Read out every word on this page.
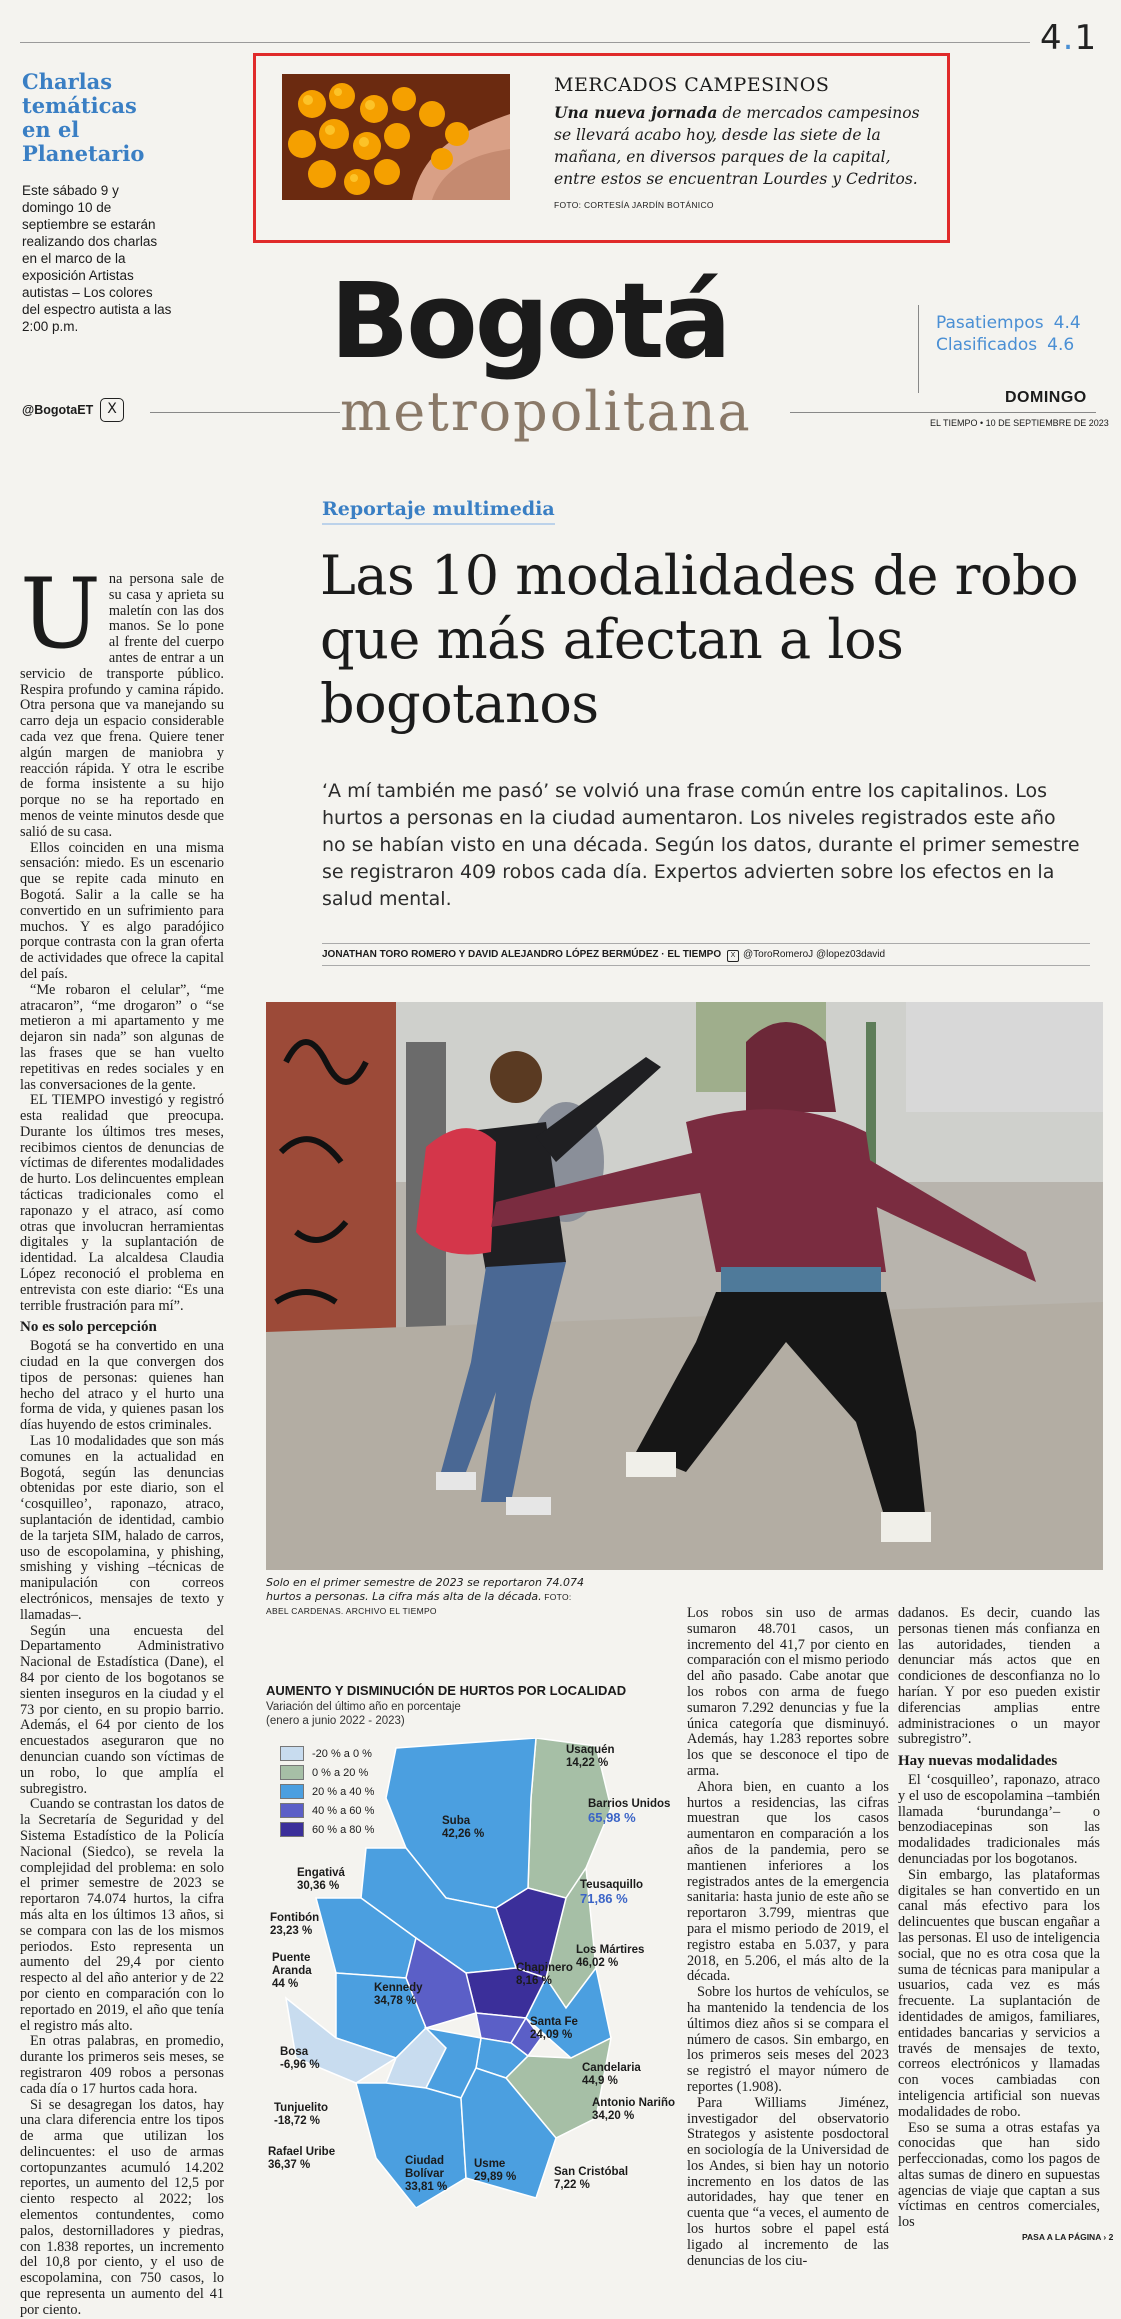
4.1
Charlas temáticas en el Planetario

Este sábado 9 y domingo 10 de septiembre se estarán realizando dos charlas en el marco de la exposición Artistas autistas – Los colores del espectro autista a las 2:00 p.m.

MERCADOS CAMPESINOS
Una nueva jornada de mercados campesinos se llevará acabo hoy, desde las siete de la mañana, en diversos parques de la capital, entre estos se encuentran Lourdes y Cedritos. FOTO: CORTESÍA JARDÍN BOTÁNICO
Bogotá
metropolitana
Pasatiempos 4.4
Clasificados 4.6
@BogotaET X
DOMINGO
EL TIEMPO • 10 DE SEPTIEMBRE DE 2023
Reportaje multimedia
Las 10 modalidades de robo que más afectan a los bogotanos

‘A mí también me pasó’ se volvió una frase común entre los capitalinos. Los hurtos a personas en la ciudad aumentaron. Los niveles registrados este año no se habían visto en una década. Según los datos, durante el primer semestre se registraron 409 robos cada día. Expertos advierten sobre los efectos en la salud mental.

JONATHAN TORO ROMERO Y DAVID ALEJANDRO LÓPEZ BERMÚDEZ · EL TIEMPO	X @ToroRomeroJ @lopez03david
Solo en el primer semestre de 2023 se reportaron 74.074 hurtos a personas. La cifra más alta de la década. FOTO: ABEL CARDENAS. ARCHIVO EL TIEMPO
U na persona sale de su casa y aprieta su maletín con las dos manos. Se lo pone al frente del cuerpo antes de entrar a un servicio de transporte público. Respira profundo y camina rápido. Otra persona que va manejando su carro deja un espacio considerable cada vez que frena. Quiere tener algún margen de maniobra y reacción rápida. Y otra le escribe de forma insistente a su hijo porque no se ha reportado en menos de veinte minutos desde que salió de su casa.

Ellos coinciden en una misma sensación: miedo. Es un escenario que se repite cada minuto en Bogotá. Salir a la calle se ha convertido en un sufrimiento para muchos. Y es algo paradójico porque contrasta con la gran oferta de actividades que ofrece la capital del país.

“Me robaron el celular”, “me atracaron”, “me drogaron” o “se metieron a mi apartamento y me dejaron sin nada” son algunas de las frases que se han vuelto repetitivas en redes sociales y en las conversaciones de la gente.

EL TIEMPO investigó y registró esta realidad que preocupa. Durante los últimos tres meses, recibimos cientos de denuncias de víctimas de diferentes modalidades de hurto. Los delincuentes emplean tácticas tradicionales como el raponazo y el atraco, así como otras que involucran herramientas digitales y la suplantación de identidad. La alcaldesa Claudia López reconoció el problema en entrevista con este diario: “Es una terrible frustración para mí”.

No es solo percepción

Bogotá se ha convertido en una ciudad en la que convergen dos tipos de personas: quienes han hecho del atraco y el hurto una forma de vida, y quienes pasan los días huyendo de estos criminales.

Las 10 modalidades que son más comunes en la actualidad en Bogotá, según las denuncias obtenidas por este diario, son el ‘cosquilleo’, raponazo, atraco, suplantación de identidad, cambio de la tarjeta SIM, halado de carros, uso de escopolamina, y phishing, smishing y vishing –técnicas de manipulación con correos electrónicos, mensajes de texto y llamadas–.

Según una encuesta del Departamento Administrativo Nacional de Estadística (Dane), el 84 por ciento de los bogotanos se sienten inseguros en la ciudad y el 73 por ciento, en su propio barrio. Además, el 64 por ciento de los encuestados aseguraron que no denuncian cuando son víctimas de un robo, lo que amplía el subregistro.

Cuando se contrastan los datos de la Secretaría de Seguridad y del Sistema Estadístico de la Policía Nacional (Siedco), se revela la complejidad del problema: en solo el primer semestre de 2023 se reportaron 74.074 hurtos, la cifra más alta en los últimos 13 años, si se compara con las de los mismos periodos. Esto representa un aumento del 29,4 por ciento respecto al del año anterior y de 22 por ciento en comparación con lo reportado en 2019, el año que tenía el registro más alto.

En otras palabras, en promedio, durante los primeros seis meses, se registraron 409 robos a personas cada día o 17 hurtos cada hora.

Si se desagregan los datos, hay una clara diferencia entre los tipos de arma que utilizan los delincuentes: el uso de armas cortopunzantes acumuló 14.202 reportes, un aumento del 12,5 por ciento respecto al 2022; los elementos contundentes, como palos, destornilladores y piedras, con 1.838 reportes, un incremento del 10,8 por ciento, y el uso de escopolamina, con 750 casos, lo que representa un aumento del 41 por ciento.

AUMENTO Y DISMINUCIÓN DE HURTOS POR LOCALIDAD
Variación del último año en porcentaje
(enero a junio 2022 - 2023)
-20 % a 0 %
0 % a 20 %
20 % a 40 %
40 % a 60 %
60 % a 80 %
Usaquén
14,22 %
Suba
42,26 %
Barrios Unidos
65,98 %
Teusaquillo
71,86 %
Engativá
30,36 %
Fontibón
23,23 %
Puente Aranda
44 %
Los Mártires
46,02 %
Chapinero
8,16 %
Kennedy
34,78 %
Santa Fe
24,09 %
Bosa
-6,96 %	Candelaria
44,9 %
Antonio Nariño
34,20 %
Tunjuelito
-18,72 %
Rafael Uribe
36,37 %	Ciudad Bolívar
33,81 %
Usme
29,89 %	San Cristóbal
7,22 %

Los robos sin uso de armas sumaron 48.701 casos, un incremento del 41,7 por ciento en comparación con el mismo periodo del año pasado. Cabe anotar que los robos con arma de fuego sumaron 7.292 denuncias y fue la única categoría que disminuyó. Además, hay 1.283 reportes sobre los que se desconoce el tipo de arma.

Ahora bien, en cuanto a los hurtos a residencias, las cifras muestran que los casos aumentaron en comparación a los años de la pandemia, pero se mantienen inferiores a los registrados antes de la emergencia sanitaria: hasta junio de este año se reportaron 3.799, mientras que para el mismo periodo de 2019, el registro estaba en 5.037, y para 2018, en 5.206, el más alto de la década.

Sobre los hurtos de vehículos, se ha mantenido la tendencia de los últimos diez años si se compara el número de casos. Sin embargo, en los primeros seis meses del 2023 se registró el mayor número de reportes (1.908).

Para Williams Jiménez, investigador del observatorio Strategos y asistente posdoctoral en sociología de la Universidad de los Andes, si bien hay un notorio incremento en los datos de las autoridades, hay que tener en cuenta que “a veces, el aumento de los hurtos sobre el papel está ligado al incremento de las denuncias de los ciu-

dadanos. Es decir, cuando las personas tienen más confianza en las autoridades, tienden a denunciar más actos que en condiciones de desconfianza no lo harían. Y por eso pueden existir diferencias amplias entre administraciones o un mayor subregistro”.

Hay nuevas modalidades

El ‘cosquilleo’, raponazo, atraco y el uso de escopolamina –también llamada ‘burundanga’– o benzodiacepinas son las modalidades tradicionales más denunciadas por los bogotanos.

Sin embargo, las plataformas digitales se han convertido en un canal más efectivo para los delincuentes que buscan engañar a las personas. El uso de inteligencia social, que no es otra cosa que la suma de técnicas para manipular a usuarios, cada vez es más frecuente. La suplantación de identidades de amigos, familiares, entidades bancarias y servicios a través de mensajes de texto, correos electrónicos y llamadas con voces cambiadas con inteligencia artificial son nuevas modalidades de robo.

Eso se suma a otras estafas ya conocidas que han sido perfeccionadas, como los pagos de altas sumas de dinero en supuestas agencias de viaje que captan a sus víctimas en centros comerciales, los

PASA A LA PÁGINA › 2
